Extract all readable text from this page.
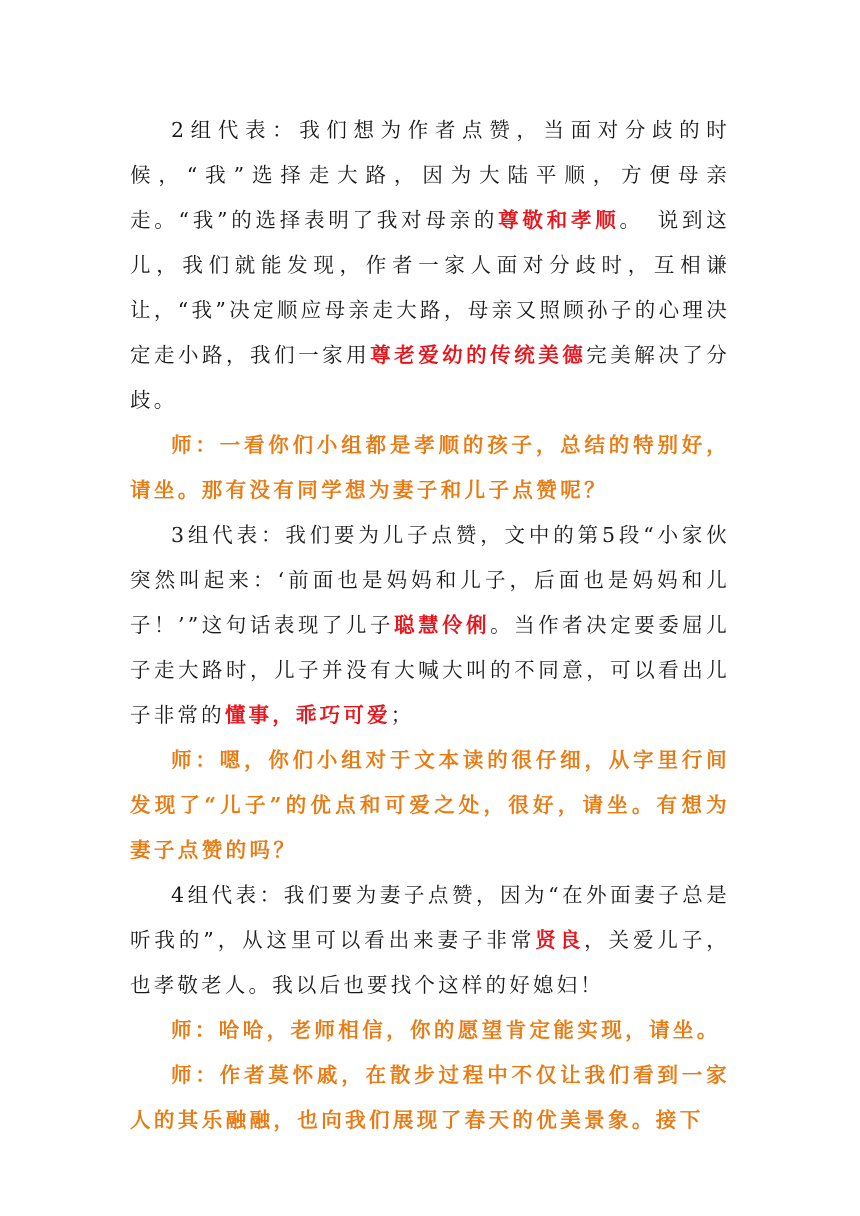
2组代表：我们想为作者点赞，当面对分歧的时候，“我”选择走大路，因为大陆平顺，方便母亲走。“我”的选择表明了我对母亲的尊敬和孝顺。　说到这儿，我们就能发现，作者一家人面对分歧时，互相谦让，“我”决定顺应母亲走大路，母亲又照顾孙子的心理决定走小路，我们一家用尊老爱幼的传统美德完美解决了分歧。

师：一看你们小组都是孝顺的孩子，总结的特别好，请坐。那有没有同学想为妻子和儿子点赞呢？

3组代表：我们要为儿子点赞，文中的第5段“小家伙突然叫起来：‘前面也是妈妈和儿子，后面也是妈妈和儿子！’”这句话表现了儿子聪慧伶俐。当作者决定要委屈儿子走大路时，儿子并没有大喊大叫的不同意，可以看出儿子非常的懂事，乖巧可爱；

师：嗯，你们小组对于文本读的很仔细，从字里行间发现了“儿子”的优点和可爱之处，很好，请坐。有想为妻子点赞的吗？

4组代表：我们要为妻子点赞，因为“在外面妻子总是听我的”，从这里可以看出来妻子非常贤良，关爱儿子，也孝敬老人。我以后也要找个这样的好媳妇！

师：哈哈，老师相信，你的愿望肯定能实现，请坐。

师：作者莫怀戚，在散步过程中不仅让我们看到一家人的其乐融融，也向我们展现了春天的优美景象。接下
